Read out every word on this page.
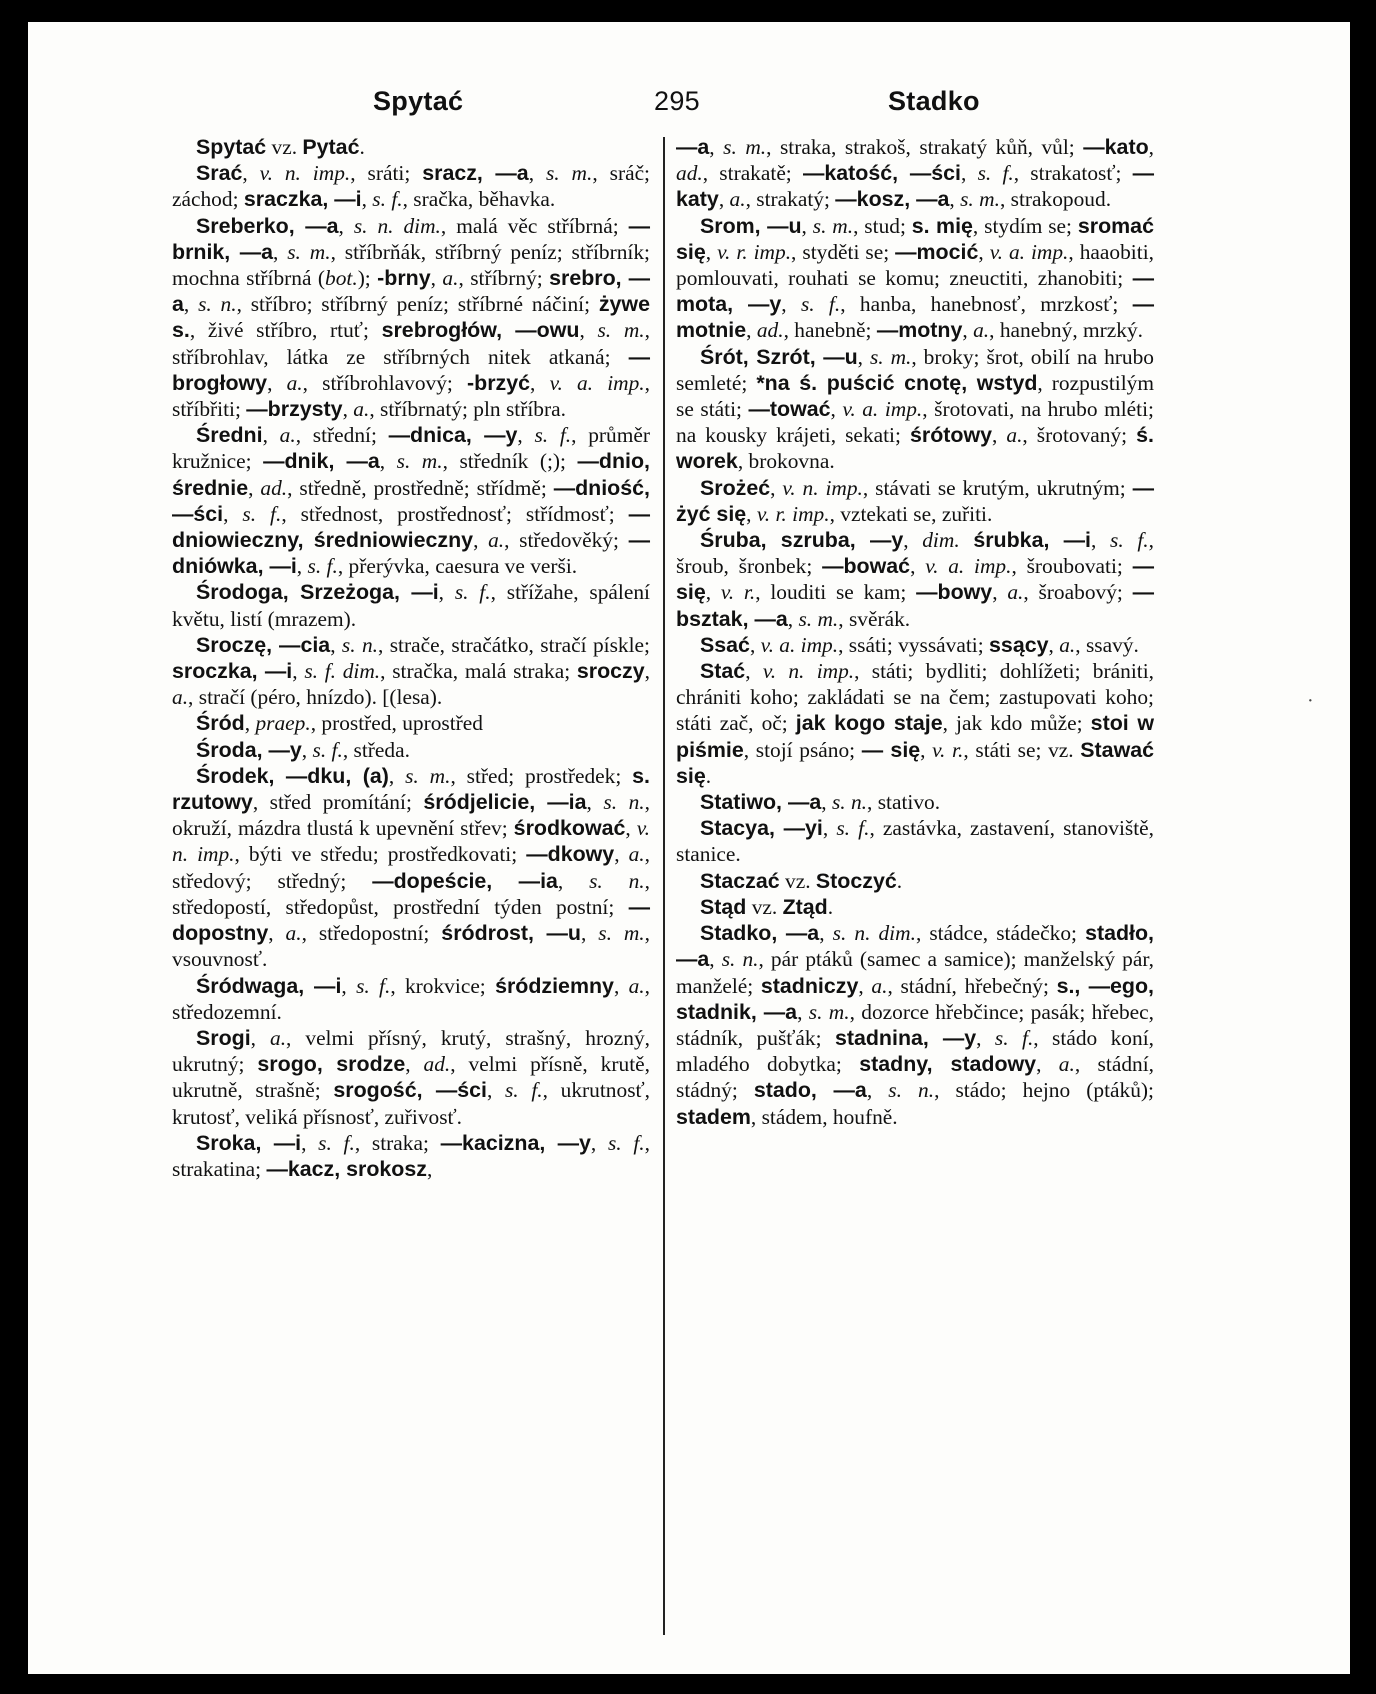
Spytać	295	Stadko

Spytać vz. Pytać.

Srać, v. n. imp., sráti; sracz, —a, s. m., sráč; záchod; sraczka, —i, s. f., sračka, běhavka.

Sreberko, —a, s. n. dim., malá věc stříbrná; —brnik, —a, s. m., stříbrňák, stříbrný peníz; stříbrník; mochna stříbrná (bot.); -brny, a., stříbrný; srebro, —a, s. n., stříbro; stříbrný peníz; stříbrné náčiní; żywe s., živé stříbro, rtuť; srebrogłów, —owu, s. m., stříbrohlav, látka ze stříbrných nitek atkaná; —brogłowy, a., stříbrohlavový; -brzyć, v. a. imp., stříbřiti; —brzysty, a., stříbrnatý; pln stříbra.

Średni, a., střední; —dnica, —y, s. f., průměr kružnice; —dnik, —a, s. m., středník (;); —dnio, średnie, ad., středně, prostředně; střídmě; —dniość, —ści, s. f., střednost, prostřednosť; střídmosť; —dniowieczny, średniowieczny, a., středověký; —dniówka, —i, s. f., přerývka, caesura ve verši.

Środoga, Srzeżoga, —i, s. f., střížahe, spálení květu, listí (mrazem).

Sroczę, —cia, s. n., strače, stračátko, stračí pískle; sroczka, —i, s. f. dim., stračka, malá straka; sroczy, a., stračí (péro, hnízdo). [(lesa).

Śród, praep., prostřed, uprostřed

Środa, —y, s. f., středa.

Środek, —dku, (a), s. m., střed; prostředek; s. rzutowy, střed promítání; śródjelicie, —ia, s. n., okruží, mázdra tlustá k upevnění střev; środkować, v. n. imp., býti ve středu; prostředkovati; —dkowy, a., středový; středný; —dopeście, —ia, s. n., středopostí, středopůst, prostřední týden postní; —dopostny, a., středopostní; śródrost, —u, s. m., vsouvnosť.

Śródwaga, —i, s. f., krokvice; śródziemny, a., středozemní.

Srogi, a., velmi přísný, krutý, strašný, hrozný, ukrutný; srogo, srodze, ad., velmi přísně, krutě, ukrutně, strašně; srogość, —ści, s. f., ukrutnosť, krutosť, veliká přísnosť, zuřivosť.

Sroka, —i, s. f., straka; —kacizna, —y, s. f., strakatina; —kacz, srokosz,

—a, s. m., straka, strakoš, strakatý kůň, vůl; —kato, ad., strakatě; —katość, —ści, s. f., strakatosť; —katy, a., strakatý; —kosz, —a, s. m., strakopoud.

Srom, —u, s. m., stud; s. mię, stydím se; sromać się, v. r. imp., styděti se; —mocić, v. a. imp., haaobiti, pomlouvati, rouhati se komu; zneuctiti, zhanobiti; —mota, —y, s. f., hanba, hanebnosť, mrzkosť; —motnie, ad., hanebně; —motny, a., hanebný, mrzký.

Śrót, Szrót, —u, s. m., broky; šrot, obilí na hrubo semleté; *na ś. puścić cnotę, wstyd, rozpustilým se státi; —tować, v. a. imp., šrotovati, na hrubo mléti; na kousky krájeti, sekati; śrótowy, a., šrotovaný; ś. worek, brokovna.

Srożeć, v. n. imp., stávati se krutým, ukrutným; —żyć się, v. r. imp., vztekati se, zuřiti.

Śruba, szruba, —y, dim. śrubka, —i, s. f., šroub, šronbek; —bować, v. a. imp., šroubovati; — się, v. r., louditi se kam; —bowy, a., šroabový; —bsztak, —a, s. m., svěrák.

Ssać, v. a. imp., ssáti; vyssávati; ssący, a., ssavý.

Stać, v. n. imp., státi; bydliti; dohlížeti; brániti, chrániti koho; zakládati se na čem; zastupovati koho; státi zač, oč; jak kogo staje, jak kdo může; stoi w piśmie, stojí psáno; — się, v. r., státi se; vz. Stawać się.

Statiwo, —a, s. n., stativo.

Stacya, —yi, s. f., zastávka, zastavení, stanoviště, stanice.

Staczać vz. Stoczyć.

Stąd vz. Ztąd.

Stadko, —a, s. n. dim., stádce, stádečko; stadło, —a, s. n., pár ptáků (samec a samice); manželský pár, manželé; stadniczy, a., stádní, hřebečný; s., —ego, stadnik, —a, s. m., dozorce hřebčince; pasák; hřebec, stádník, pušťák; stadnina, —y, s. f., stádo koní, mladého dobytka; stadny, stadowy, a., stádní, stádný; stado, —a, s. n., stádo; hejno (ptáků); stadem, stádem, houfně.

·
